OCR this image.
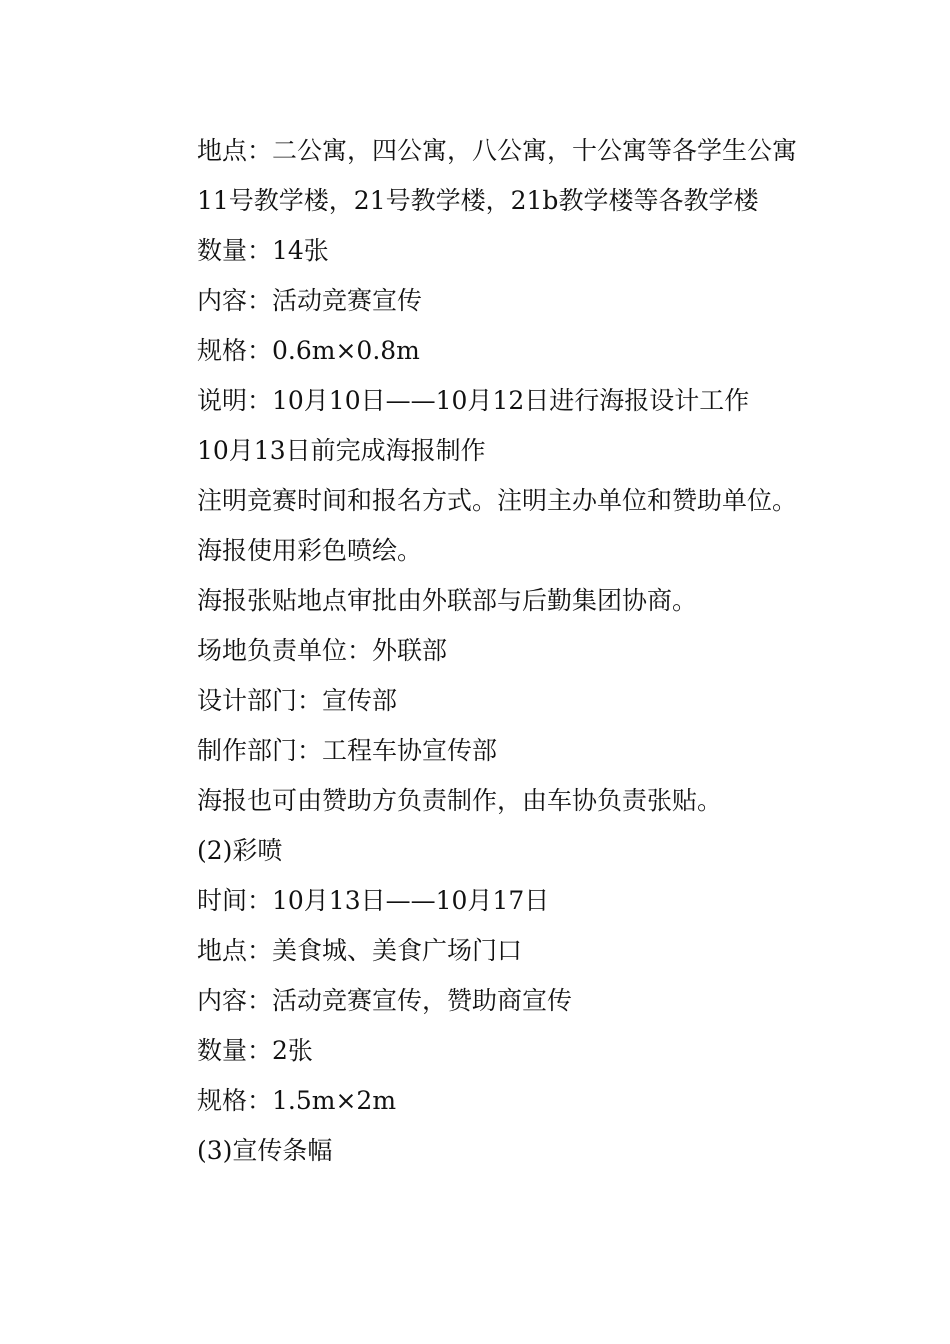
地点：二公寓，四公寓，八公寓，十公寓等各学生公寓

11号教学楼，21号教学楼，21b教学楼等各教学楼

数量：14张

内容：活动竞赛宣传

规格：0.6m×0.8m

说明：10月10日——10月12日进行海报设计工作

10月13日前完成海报制作

注明竞赛时间和报名方式。注明主办单位和赞助单位。

海报使用彩色喷绘。

海报张贴地点审批由外联部与后勤集团协商。

场地负责单位：外联部

设计部门：宣传部

制作部门：工程车协宣传部

海报也可由赞助方负责制作，由车协负责张贴。

(2)彩喷

时间：10月13日——10月17日

地点：美食城、美食广场门口

内容：活动竞赛宣传，赞助商宣传

数量：2张

规格：1.5m×2m

(3)宣传条幅
